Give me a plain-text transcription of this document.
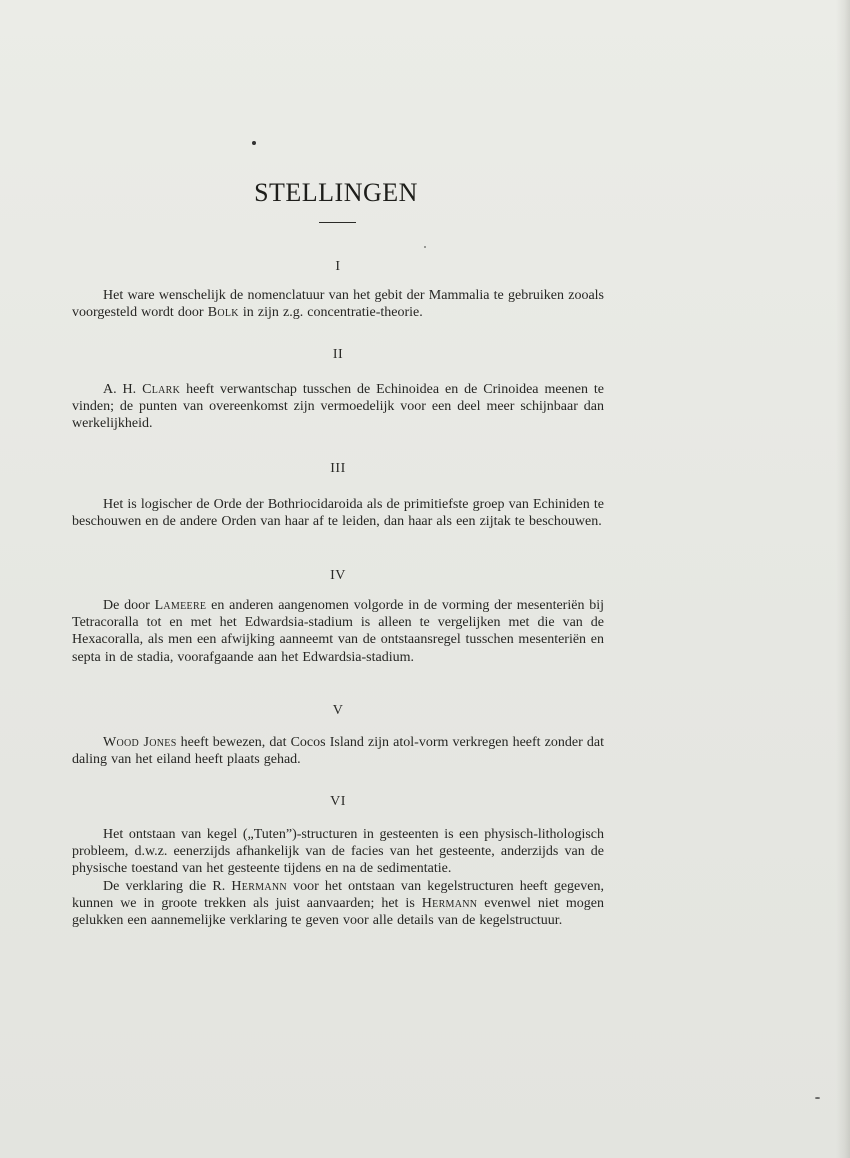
STELLINGEN
I

Het ware wenschelijk de nomenclatuur van het gebit der Mammalia te gebruiken zooals voorgesteld wordt door Bolk in zijn z.g. concentratie-theorie.

II

A. H. Clark heeft verwantschap tusschen de Echinoidea en de Crinoidea meenen te vinden; de punten van overeenkomst zijn vermoedelijk voor een deel meer schijnbaar dan werkelijkheid.

III

Het is logischer de Orde der Bothriocidaroida als de primitiefste groep van Echiniden te beschouwen en de andere Orden van haar af te leiden, dan haar als een zijtak te beschouwen.

IV

De door Lameere en anderen aangenomen volgorde in de vorming der mesenteriën bij Tetracoralla tot en met het Edwardsia-stadium is alleen te vergelijken met die van de Hexacoralla, als men een afwijking aanneemt van de ontstaansregel tusschen mesenteriën en septa in de stadia, voorafgaande aan het Edwardsia-stadium.

V

Wood Jones heeft bewezen, dat Cocos Island zijn atol-vorm verkregen heeft zonder dat daling van het eiland heeft plaats gehad.

VI

Het ontstaan van kegel („Tuten”)-structuren in gesteenten is een physisch-lithologisch probleem, d.w.z. eenerzijds afhankelijk van de facies van het gesteente, anderzijds van de physische toestand van het gesteente tijdens en na de sedimentatie.

De verklaring die R. Hermann voor het ontstaan van kegelstructuren heeft gegeven, kunnen we in groote trekken als juist aanvaarden; het is Hermann evenwel niet mogen gelukken een aannemelijke verklaring te geven voor alle details van de kegelstructuur.
